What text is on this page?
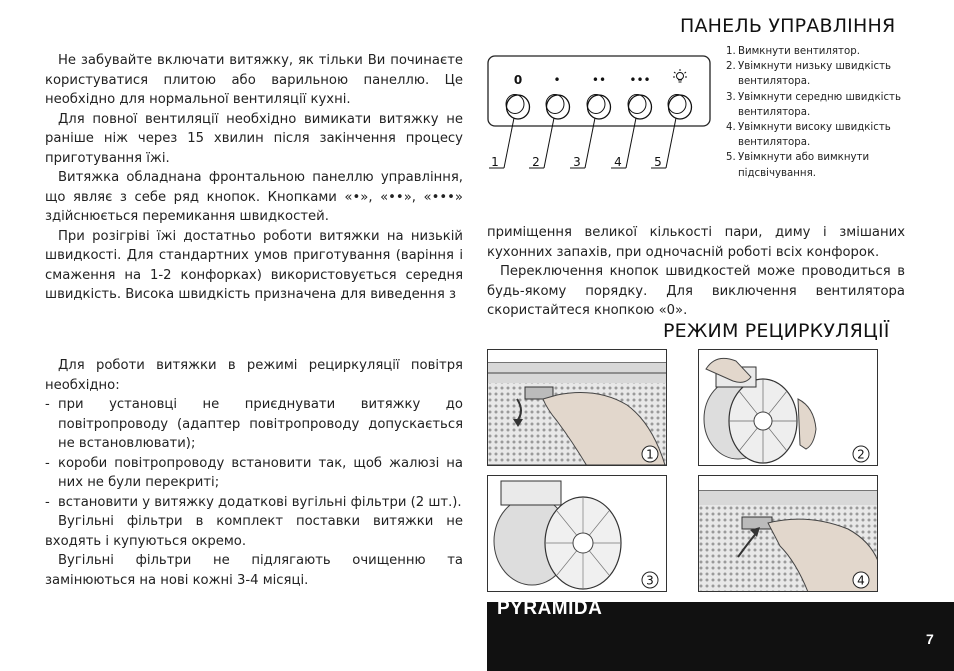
ПАНЕЛЬ УПРАВЛІННЯ
РЕЖИМ РЕЦИРКУЛЯЦІЇ

Не забувайте включати витяжку, як тільки Ви починаєте користуватися плитою або варильною панеллю. Це необхідно для нормальної вентиляції кухні.

Для повної вентиляції необхідно вимикати витяжку не раніше ніж через 15 хвилин після закінчення процесу приготування їжі.

Витяжка обладнана фронтальною панеллю управління, що являє з себе ряд кнопок. Кнопками «•», «••», «•••» здійснюється перемикання швидкостей.

При розігріві їжі достатньо роботи витяжки на низькій швидкості. Для стандартних умов приготування (варіння і смаження на 1-2 конфорках) використовується середня швидкість. Висока швидкість призначена для виведення з

0	•	•• •••
1	2	3	4	5
1. Вимкнути вентилятор.
2. Увімкнути низьку швидкість вентилятора.
3. Увімкнути середню швидкість вентилятора.
4. Увімкнути високу швидкість вентилятора.
5. Увімкнути або вимкнути підсвічування.

приміщення великої кількості пари, диму і змішаних кухонних запахів, при одночасній роботі всіх конфорок.

Переключення кнопок швидкостей може проводиться в будь-якому порядку. Для виключення вентилятора скористайтеся кнопкою «0».

Для роботи витяжки в режимі рециркуляції повітря необхідно:

- при установці не приєднувати витяжку до повітропроводу (адаптер повітропроводу допускається не встановлювати);
- короби повітропроводу встановити так, щоб жалюзі на них не були перекриті;
- встановити у витяжку додаткові вугільні фільтри (2 шт.).

Вугільні фільтри в комплект поставки витяжки не входять і купуються окремо.

Вугільні фільтри не підлягають очищенню та замінюються на нові кожні 3-4 місяці.

1	2
3	4
PYRAMIDA
7
